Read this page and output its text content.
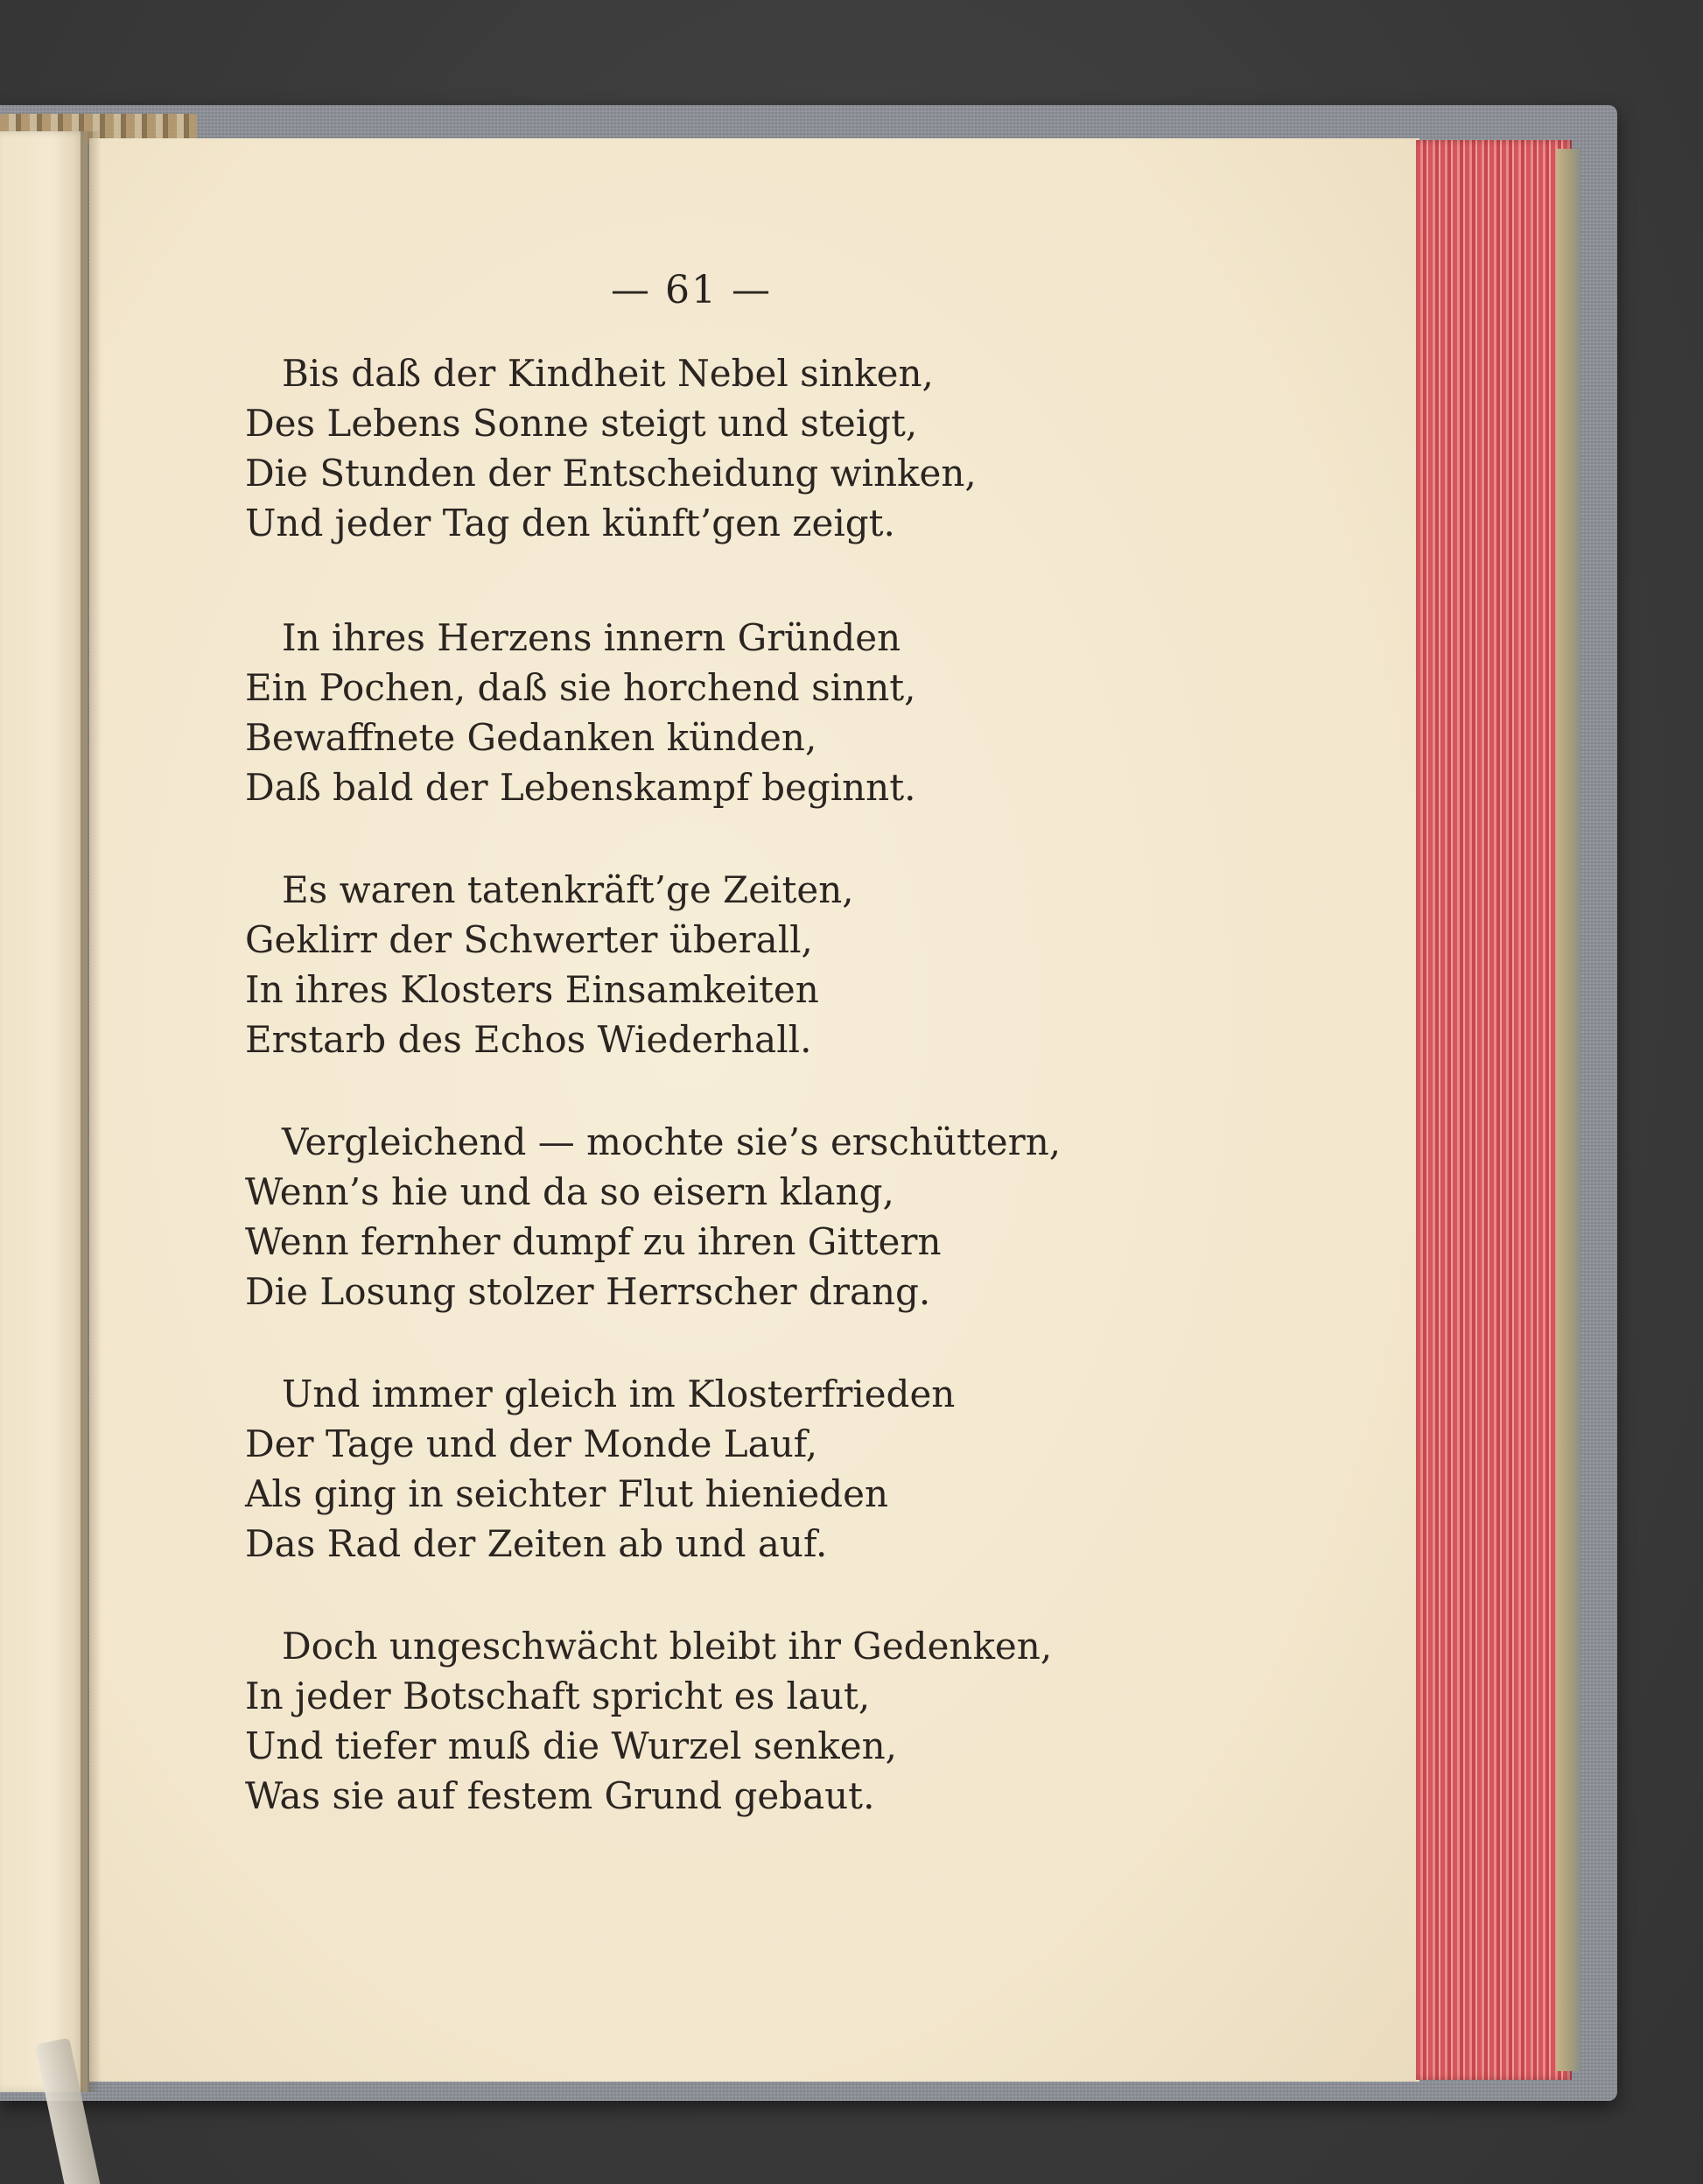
— 61 —
Bis daß der Kindheit Nebel sinken,
Des Lebens Sonne steigt und steigt,
Die Stunden der Entscheidung winken,
Und jeder Tag den künft’gen zeigt.
In ihres Herzens innern Gründen
Ein Pochen, daß sie horchend sinnt,
Bewaffnete Gedanken künden,
Daß bald der Lebenskampf beginnt.
Es waren tatenkräft’ge Zeiten,
Geklirr der Schwerter überall,
In ihres Klosters Einsamkeiten
Erstarb des Echos Wiederhall.
Vergleichend — mochte sie’s erschüttern,
Wenn’s hie und da so eisern klang,
Wenn fernher dumpf zu ihren Gittern
Die Losung stolzer Herrscher drang.
Und immer gleich im Klosterfrieden
Der Tage und der Monde Lauf,
Als ging in seichter Flut hienieden
Das Rad der Zeiten ab und auf.
Doch ungeschwächt bleibt ihr Gedenken,
In jeder Botschaft spricht es laut,
Und tiefer muß die Wurzel senken,
Was sie auf festem Grund gebaut.
